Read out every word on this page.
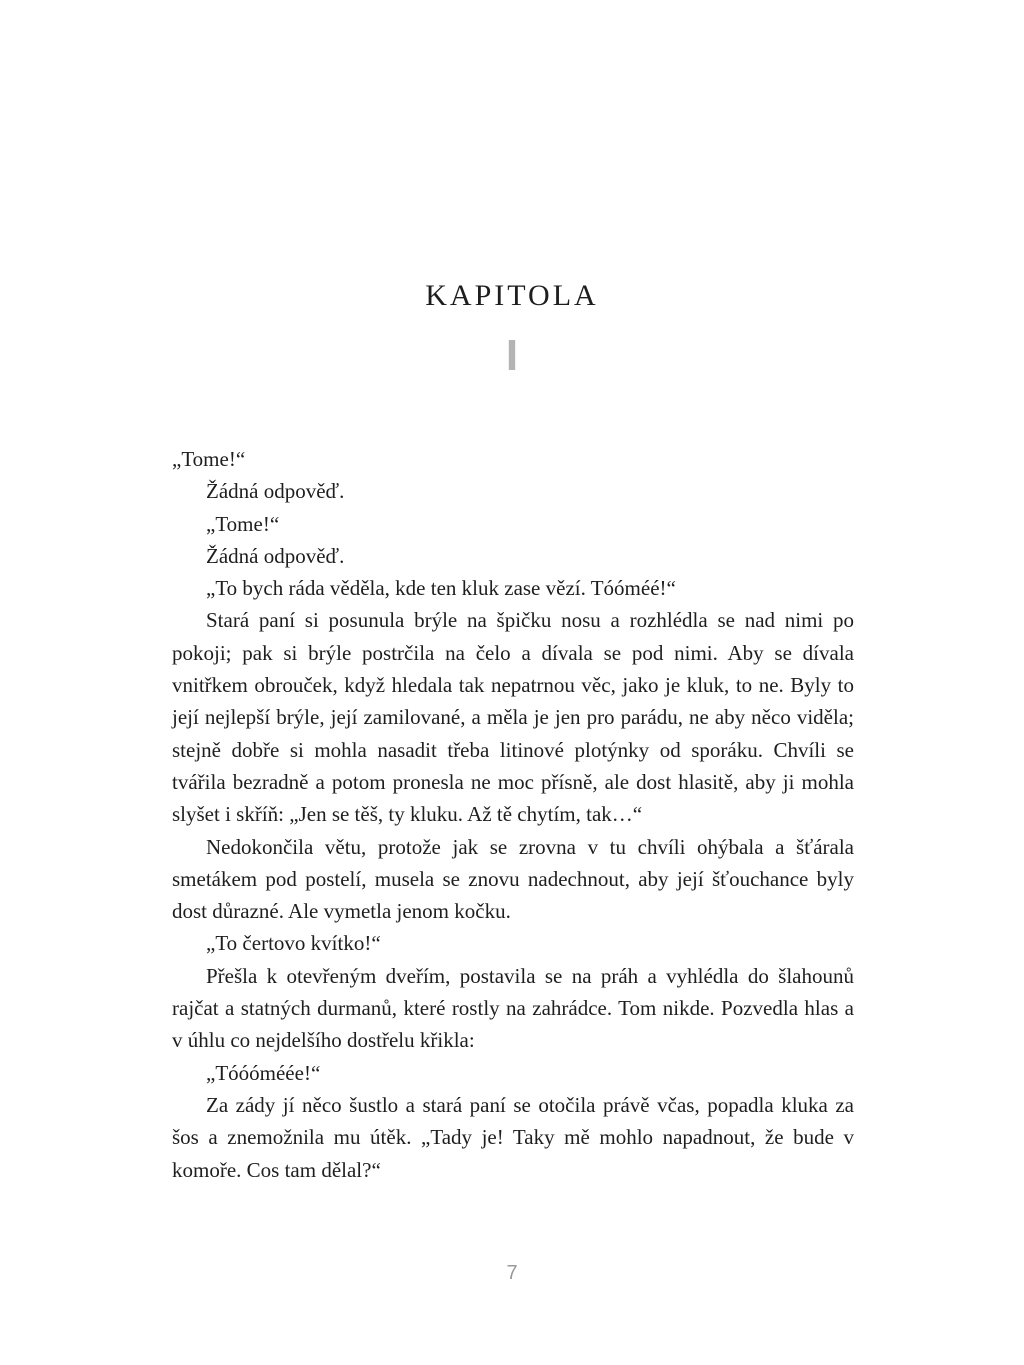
KAPITOLA
I

„Tome!“

Žádná odpověď.

„Tome!“

Žádná odpověď.

„To bych ráda věděla, kde ten kluk zase vězí. Tóóméé!“

Stará paní si posunula brýle na špičku nosu a rozhlédla se nad nimi po pokoji; pak si brýle postrčila na čelo a dívala se pod nimi. Aby se dívala vnitřkem obrouček, když hledala tak nepatrnou věc, jako je kluk, to ne. Byly to její nejlepší brýle, její zamilované, a měla je jen pro parádu, ne aby něco viděla; stejně dobře si mohla nasadit třeba litinové plotýnky od sporáku. Chvíli se tvářila bezradně a potom pronesla ne moc přísně, ale dost hlasitě, aby ji mohla slyšet i skříň: „Jen se těš, ty kluku. Až tě chytím, tak…“

Nedokončila větu, protože jak se zrovna v tu chvíli ohýbala a šťárala smetákem pod postelí, musela se znovu nadechnout, aby její šťouchance byly dost důrazné. Ale vymetla jenom kočku.

„To čertovo kvítko!“

Přešla k otevřeným dveřím, postavila se na práh a vyhlédla do šlahounů rajčat a statných durmanů, které rostly na zahrádce. Tom nikde. Pozvedla hlas a v úhlu co nejdelšího dostřelu křikla:

„Tóóóméée!“

Za zády jí něco šustlo a stará paní se otočila právě včas, popadla kluka za šos a znemožnila mu útěk. „Tady je! Taky mě mohlo napadnout, že bude v komoře. Cos tam dělal?“

7
